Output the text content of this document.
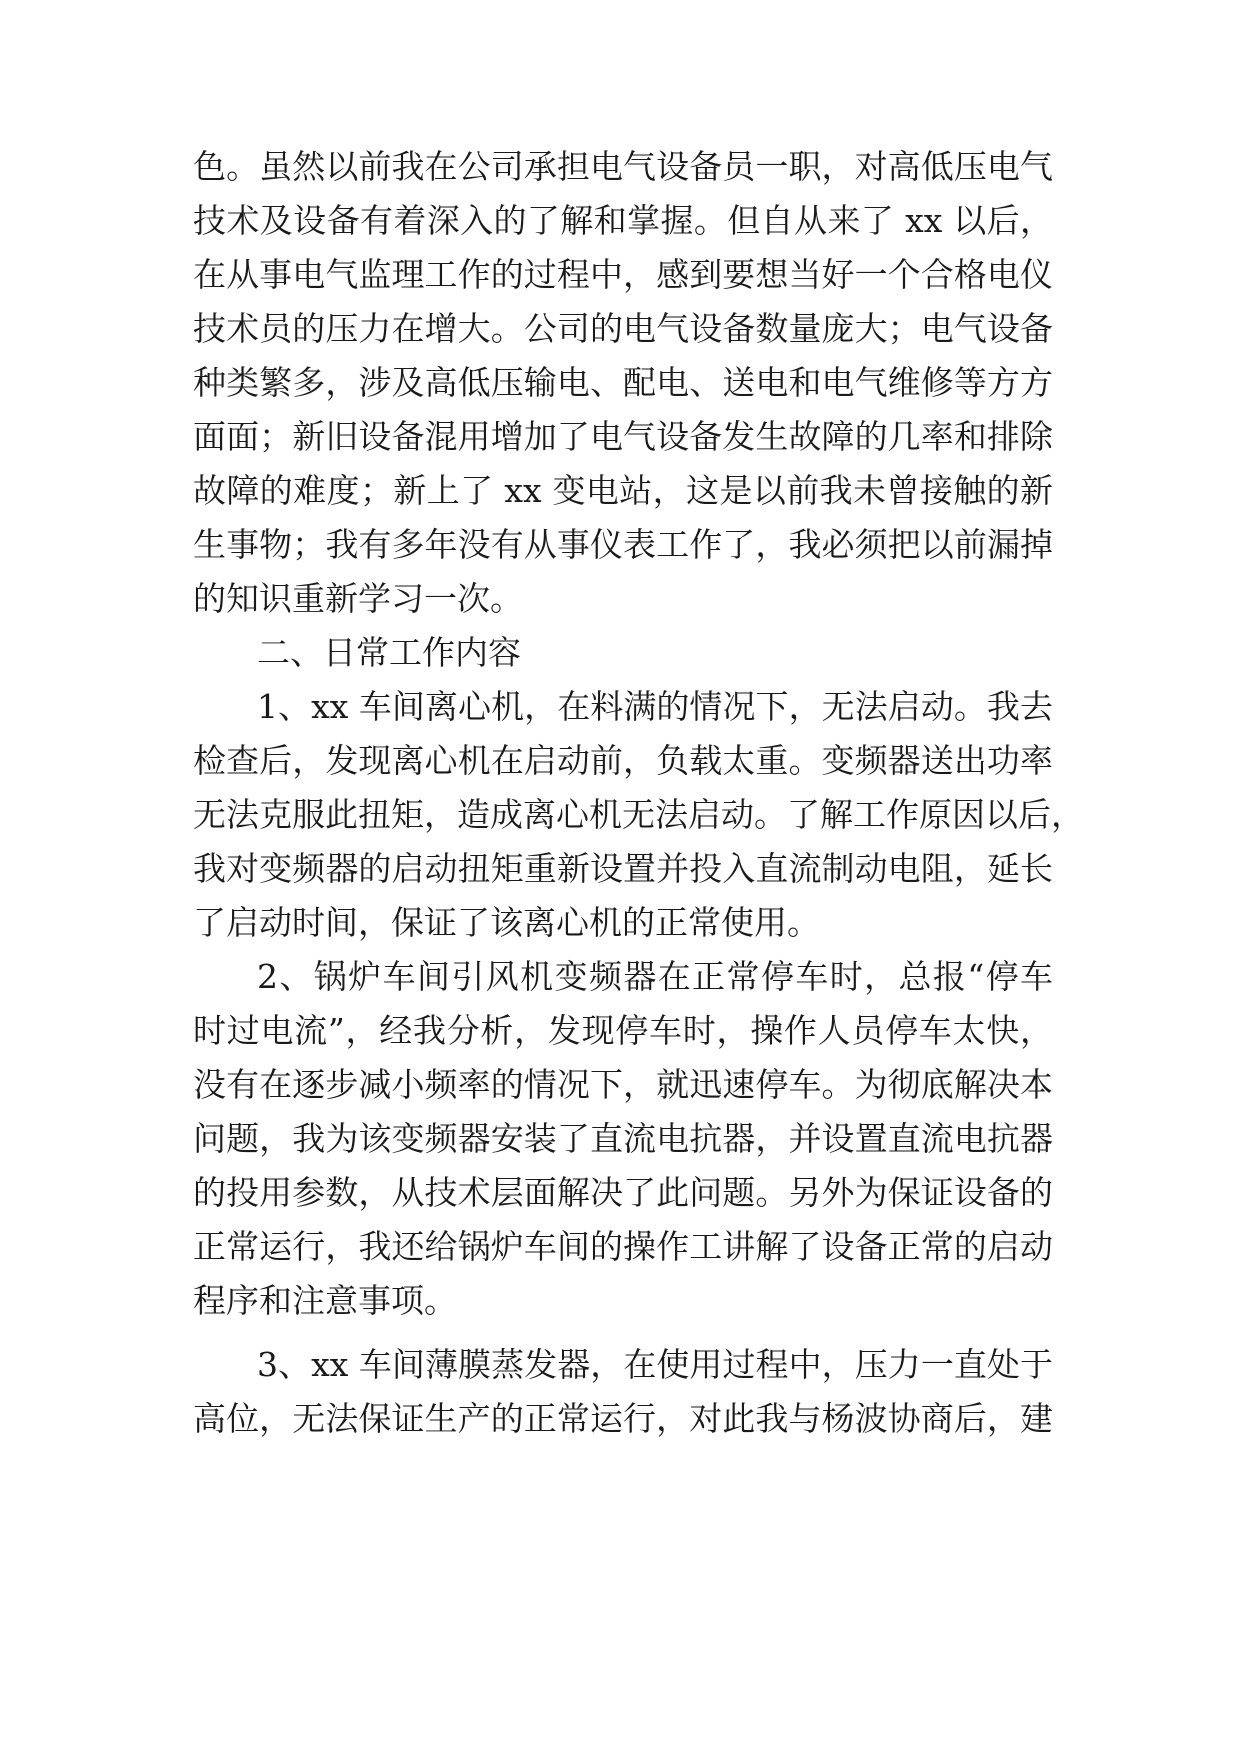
色。虽然以前我在公司承担电气设备员一职，对高低压电气
技术及设备有着深入的了解和掌握。但自从来了 xx 以后，
在从事电气监理工作的过程中，感到要想当好一个合格电仪
技术员的压力在增大。公司的电气设备数量庞大；电气设备
种类繁多，涉及高低压输电、配电、送电和电气维修等方方
面面；新旧设备混用增加了电气设备发生故障的几率和排除
故障的难度；新上了 xx 变电站，这是以前我未曾接触的新
生事物；我有多年没有从事仪表工作了，我必须把以前漏掉
的知识重新学习一次。
二、日常工作内容
1、xx 车间离心机，在料满的情况下，无法启动。我去
检查后，发现离心机在启动前，负载太重。变频器送出功率
无法克服此扭矩，造成离心机无法启动。了解工作原因以后，
我对变频器的启动扭矩重新设置并投入直流制动电阻，延长
了启动时间，保证了该离心机的正常使用。
2、锅炉车间引风机变频器在正常停车时，总报“停车
时过电流”，经我分析，发现停车时，操作人员停车太快，
没有在逐步减小频率的情况下，就迅速停车。为彻底解决本
问题，我为该变频器安装了直流电抗器，并设置直流电抗器
的投用参数，从技术层面解决了此问题。另外为保证设备的
正常运行，我还给锅炉车间的操作工讲解了设备正常的启动
程序和注意事项。
3、xx 车间薄膜蒸发器，在使用过程中，压力一直处于
高位，无法保证生产的正常运行，对此我与杨波协商后，建
